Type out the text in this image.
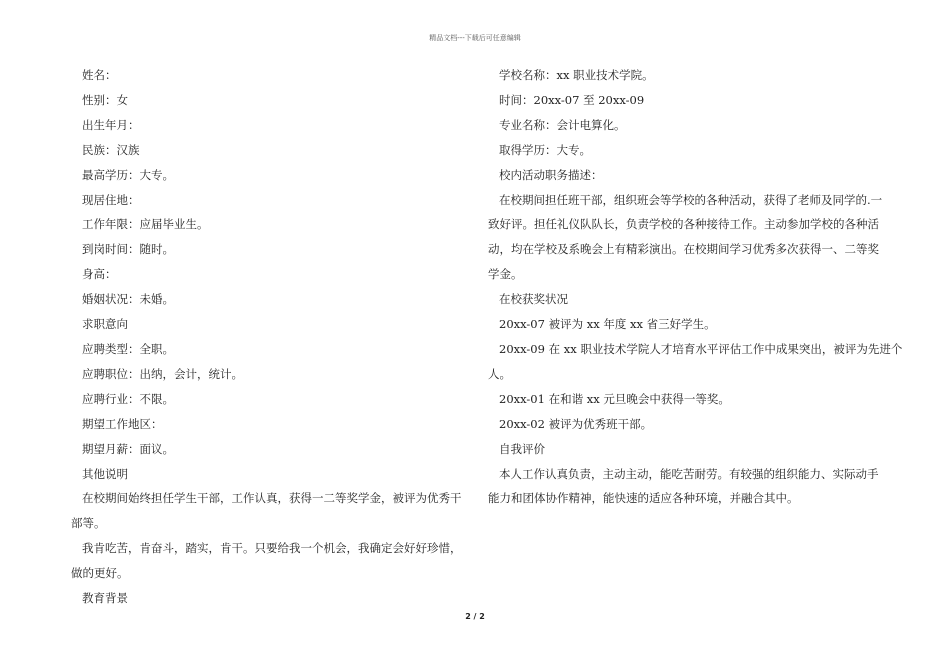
精品文档---下载后可任意编辑
姓名：
性别：女
出生年月：
民族：汉族
最高学历：大专。
现居住地：
工作年限：应届毕业生。
到岗时间：随时。
身高：
婚姻状况：未婚。
求职意向
应聘类型：全职。
应聘职位：出纳，会计，统计。
应聘行业：不限。
期望工作地区：
期望月薪：面议。
其他说明
在校期间始终担任学生干部，工作认真，获得一二等奖学金，被评为优秀干
部等。
我肯吃苦，肯奋斗，踏实，肯干。只要给我一个机会，我确定会好好珍惜，
做的更好。
教育背景
学校名称：xx 职业技术学院。
时间：20xx-07 至 20xx-09
专业名称：会计电算化。
取得学历：大专。
校内活动职务描述：
在校期间担任班干部，组织班会等学校的各种活动，获得了老师及同学的.一
致好评。担任礼仪队队长，负责学校的各种接待工作。主动参加学校的各种活
动，均在学校及系晚会上有精彩演出。在校期间学习优秀多次获得一、二等奖
学金。
在校获奖状况
20xx-07 被评为 xx 年度 xx 省三好学生。
20xx-09 在 xx 职业技术学院人才培育水平评估工作中成果突出，被评为先进个
人。
20xx-01 在和谐 xx 元旦晚会中获得一等奖。
20xx-02 被评为优秀班干部。
自我评价
本人工作认真负责，主动主动，能吃苦耐劳。有较强的组织能力、实际动手
能力和团体协作精神，能快速的适应各种环境，并融合其中。
2 / 2
